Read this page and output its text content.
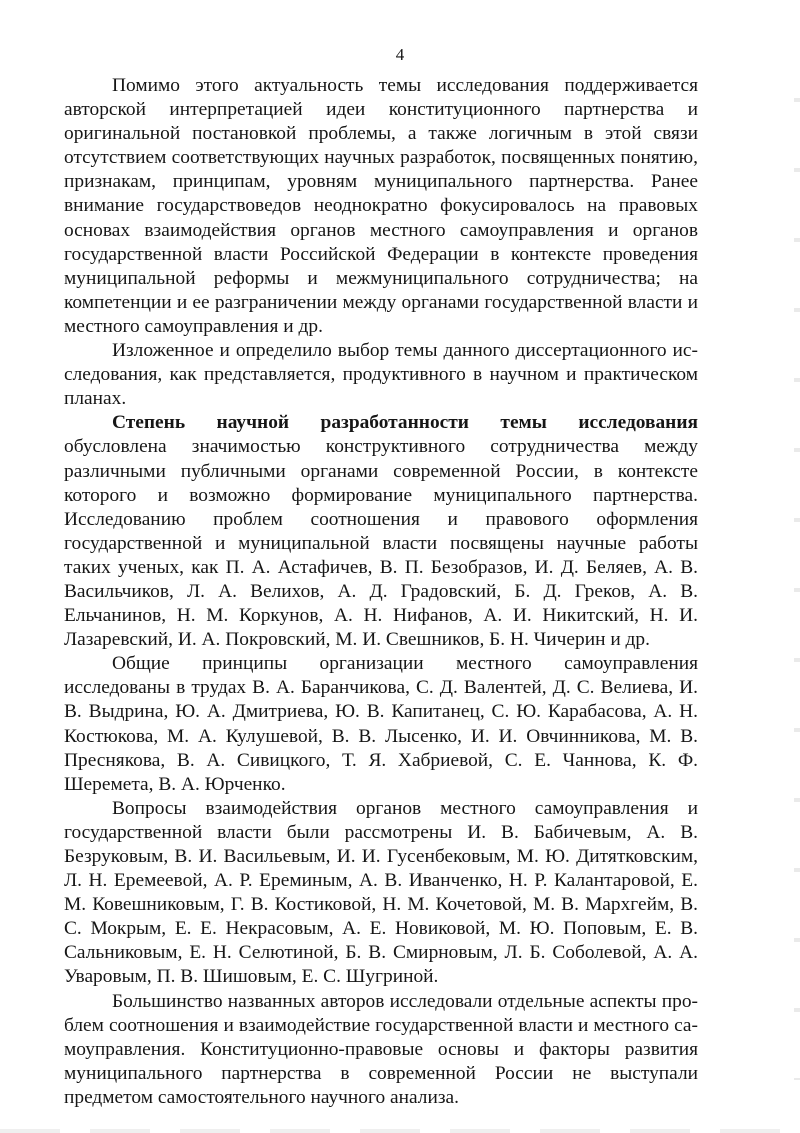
4

Помимо этого актуальность темы исследования поддерживается авторской интерпретацией идеи конституционного партнерства и оригинальной постановкой проблемы, а также логичным в этой связи отсутствием соответствующих научных разработок, посвященных понятию, признакам, принципам, уровням муниципального партнерства. Ранее внимание государствоведов неоднократно фокусировалось на правовых основах взаимодействия органов местного самоуправления и органов государственной власти Российской Федерации в контексте проведения муниципальной реформы и межмуниципального сотрудничества; на компетенции и ее разграничении между органами государственной власти и местного самоуправления и др.

Изложенное и определило выбор темы данного диссертационного исследования, как представляется, продуктивного в научном и практическом планах.

Степень научной разработанности темы исследования обусловлена значимостью конструктивного сотрудничества между различными публичными органами современной России, в контексте которого и возможно формирование муниципального партнерства. Исследованию проблем соотношения и правового оформления государственной и муниципальной власти посвящены научные работы таких ученых, как П. А. Астафичев, В. П. Безобразов, И. Д. Беляев, А. В. Васильчиков, Л. А. Велихов, А. Д. Градовский, Б. Д. Греков, А. В. Ельчанинов, Н. М. Коркунов, А. Н. Нифанов, А. И. Никитский, Н. И. Лазаревский, И. А. Покровский, М. И. Свешников, Б. Н. Чичерин и др.

Общие принципы организации местного самоуправления исследованы в трудах В. А. Баранчикова, С. Д. Валентей, Д. С. Велиева, И. В. Выдрина, Ю. А. Дмитриева, Ю. В. Капитанец, С. Ю. Карабасова, А. Н. Костюкова, М. А. Кулушевой, В. В. Лысенко, И. И. Овчинникова, М. В. Преснякова, В. А. Сивицкого, Т. Я. Хабриевой, С. Е. Чаннова, К. Ф. Шеремета, В. А. Юрченко.

Вопросы взаимодействия органов местного самоуправления и государственной власти были рассмотрены И. В. Бабичевым, А. В. Безруковым, В. И. Васильевым, И. И. Гусенбековым, М. Ю. Дитятковским, Л. Н. Еремеевой, А. Р. Ереминым, А. В. Иванченко, Н. Р. Калантаровой, Е. М. Ковешниковым, Г. В. Костиковой, Н. М. Кочетовой, М. В. Мархгейм, В. С. Мокрым, Е. Е. Некрасовым, А. Е. Новиковой, М. Ю. Поповым, Е. В. Сальниковым, Е. Н. Селютиной, Б. В. Смирновым, Л. Б. Соболевой, А. А. Уваровым, П. В. Шишовым, Е. С. Шугриной.

Большинство названных авторов исследовали отдельные аспекты проблем соотношения и взаимодействие государственной власти и местного самоуправления. Конституционно-правовые основы и факторы развития муниципального партнерства в современной России не выступали предметом самостоятельного научного анализа.
